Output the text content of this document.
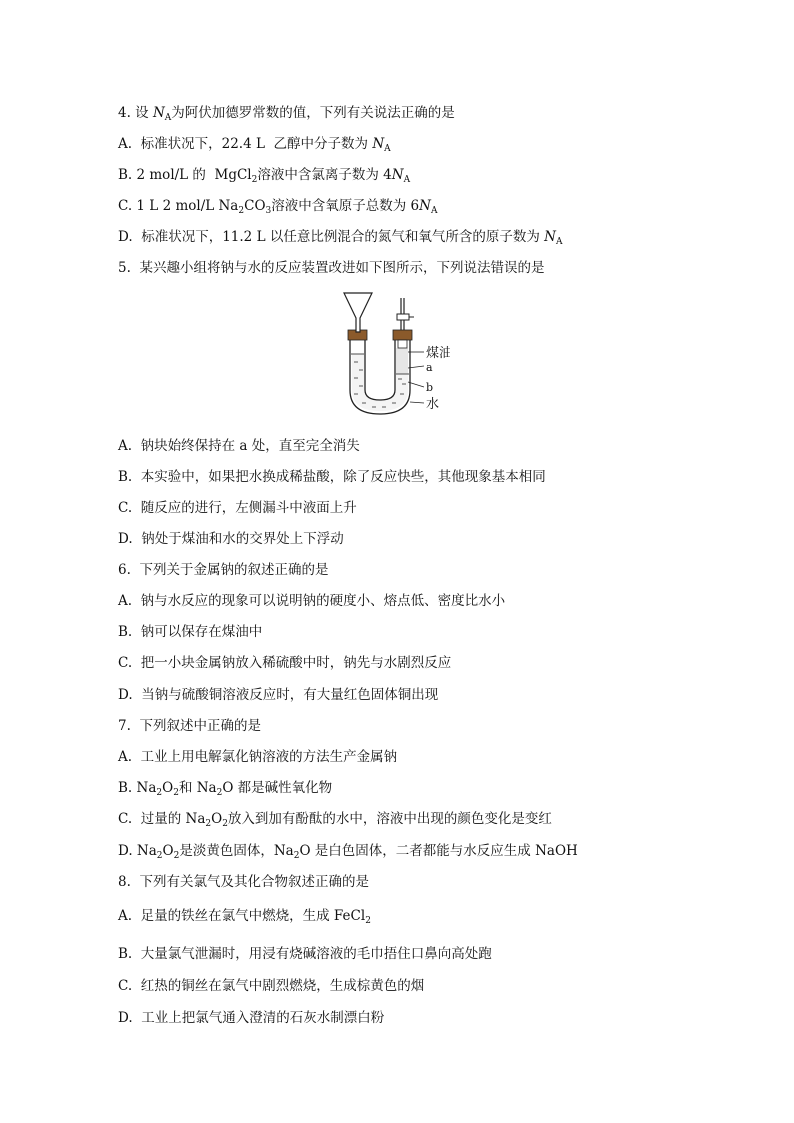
4. 设 $N_A$为阿伏加德罗常数的值，下列有关说法正确的是
A.  标准状况下，22.4 L  乙醇中分子数为 $N_A$
B. 2 mol/L 的  MgCl$_2$溶液中含氯离子数为 $4N_A$
C. 1 L 2 mol/L $Na_2CO_3$溶液中含氧原子总数为 $6N_A$
D.  标准状况下，11.2 L 以任意比例混合的氮气和氧气所含的原子数为 $N_A$
5.  某兴趣小组将钠与水的反应装置改进如下图所示，下列说法错误的是
煤油
a
b
水
A.  钠块始终保持在 a 处，直至完全消失
B.  本实验中，如果把水换成稀盐酸，除了反应快些，其他现象基本相同
C.  随反应的进行，左侧漏斗中液面上升
D.  钠处于煤油和水的交界处上下浮动
6.  下列关于金属钠的叙述正确的是
A.  钠与水反应的现象可以说明钠的硬度小、熔点低、密度比水小
B.  钠可以保存在煤油中
C.  把一小块金属钠放入稀硫酸中时，钠先与水剧烈反应
D.  当钠与硫酸铜溶液反应时，有大量红色固体铜出现
7.  下列叙述中正确的是
A.  工业上用电解氯化钠溶液的方法生产金属钠
B. $Na_2O_2$和 $Na_2O$ 都是碱性氧化物
C.  过量的 $Na_2O_2$放入到加有酚酞的水中，溶液中出现的颜色变化是变红
D. $Na_2O_2$是淡黄色固体，$Na_2O$ 是白色固体，二者都能与水反应生成 NaOH
8.  下列有关氯气及其化合物叙述正确的是
A.  足量的铁丝在氯气中燃烧，生成 FeCl$_2$
B.  大量氯气泄漏时，用浸有烧碱溶液的毛巾捂住口鼻向高处跑
C.  红热的铜丝在氯气中剧烈燃烧，生成棕黄色的烟
D.  工业上把氯气通入澄清的石灰水制漂白粉
